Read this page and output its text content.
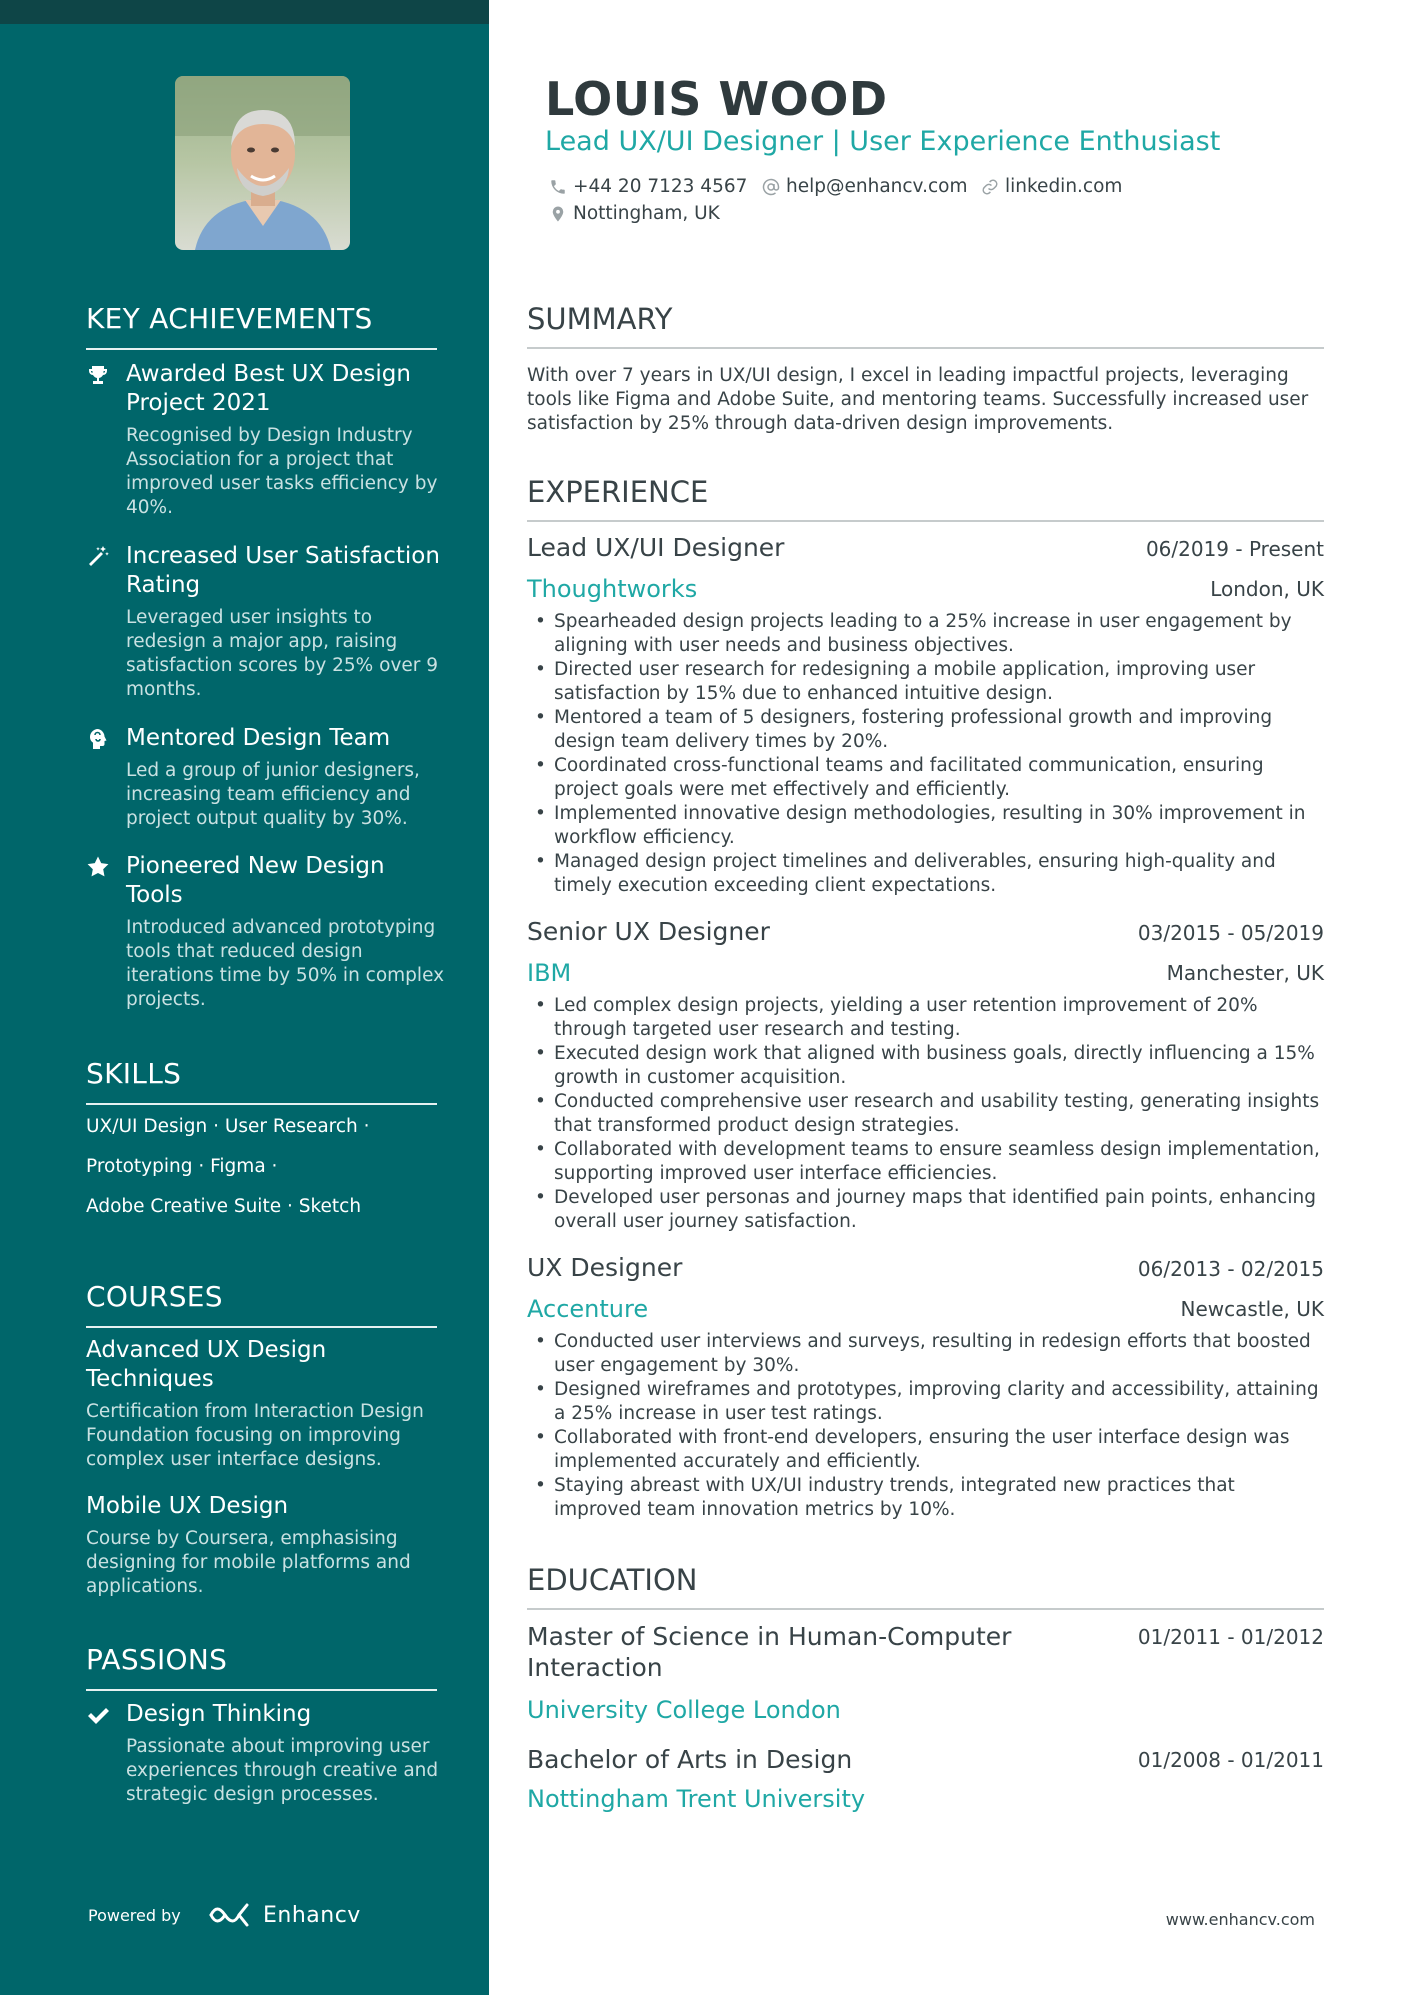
KEY ACHIEVEMENTS
Awarded Best UX Design Project 2021
Recognised by Design Industry Association for a project that improved user tasks efficiency by 40%.
Increased User Satisfaction Rating
Leveraged user insights to redesign a major app, raising satisfaction scores by 25% over 9 months.
Mentored Design Team
Led a group of junior designers, increasing team efficiency and project output quality by 30%.
Pioneered New Design Tools
Introduced advanced prototyping tools that reduced design iterations time by 50% in complex projects.
SKILLS
UX/UI Design · User Research ·
Prototyping · Figma ·
Adobe Creative Suite · Sketch
COURSES
Advanced UX Design Techniques
Certification from Interaction Design Foundation focusing on improving complex user interface designs.
Mobile UX Design
Course by Coursera, emphasising designing for mobile platforms and applications.
PASSIONS
Design Thinking
Passionate about improving user experiences through creative and strategic design processes.
Powered by	Enhancv
LOUIS WOOD
Lead UX/UI Designer | User Experience Enthusiast
+44 20 7123 4567 help@enhancv.com linkedin.com
Nottingham, UK
SUMMARY
With over 7 years in UX/UI design, I excel in leading impactful projects, leveraging tools like Figma and Adobe Suite, and mentoring teams. Successfully increased user satisfaction by 25% through data-driven design improvements.
EXPERIENCE
Lead UX/UI Designer	06/2019 - Present
Thoughtworks	London, UK
• Spearheaded design projects leading to a 25% increase in user engagement by aligning with user needs and business objectives.
• Directed user research for redesigning a mobile application, improving user satisfaction by 15% due to enhanced intuitive design.
• Mentored a team of 5 designers, fostering professional growth and improving design team delivery times by 20%.
• Coordinated cross-functional teams and facilitated communication, ensuring project goals were met effectively and efficiently.
• Implemented innovative design methodologies, resulting in 30% improvement in workflow efficiency.
• Managed design project timelines and deliverables, ensuring high-quality and timely execution exceeding client expectations.
Senior UX Designer	03/2015 - 05/2019
IBM	Manchester, UK
• Led complex design projects, yielding a user retention improvement of 20% through targeted user research and testing.
• Executed design work that aligned with business goals, directly influencing a 15% growth in customer acquisition.
• Conducted comprehensive user research and usability testing, generating insights that transformed product design strategies.
• Collaborated with development teams to ensure seamless design implementation, supporting improved user interface efficiencies.
• Developed user personas and journey maps that identified pain points, enhancing overall user journey satisfaction.
UX Designer	06/2013 - 02/2015
Accenture	Newcastle, UK
• Conducted user interviews and surveys, resulting in redesign efforts that boosted user engagement by 30%.
• Designed wireframes and prototypes, improving clarity and accessibility, attaining a 25% increase in user test ratings.
• Collaborated with front-end developers, ensuring the user interface design was implemented accurately and efficiently.
• Staying abreast with UX/UI industry trends, integrated new practices that improved team innovation metrics by 10%.
EDUCATION
Master of Science in Human-Computer Interaction
01/2011 - 01/2012
University College London
Bachelor of Arts in Design	01/2008 - 01/2011
Nottingham Trent University
www.enhancv.com
